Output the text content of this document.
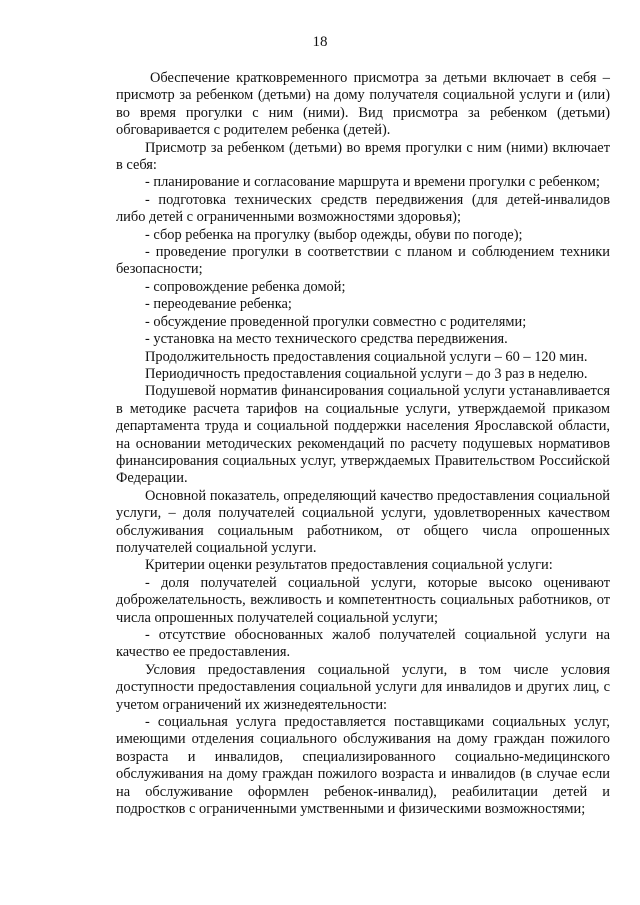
18

Обеспечение кратковременного присмотра за детьми включает в себя – присмотр за ребенком (детьми) на дому получателя социальной услуги и (или) во время прогулки с ним (ними). Вид присмотра за ребенком (детьми) обговаривается с родителем ребенка (детей).

Присмотр за ребенком (детьми) во время прогулки с ним (ними) включает в себя:

- планирование и согласование маршрута и времени прогулки с ребенком;

- подготовка технических средств передвижения (для детей-инвалидов либо детей с ограниченными возможностями здоровья);

- сбор ребенка на прогулку (выбор одежды, обуви по погоде);

- проведение прогулки в соответствии с планом и соблюдением техники безопасности;

- сопровождение ребенка домой;

- переодевание ребенка;

- обсуждение проведенной прогулки совместно с родителями;

- установка на место технического средства передвижения.

Продолжительность предоставления социальной услуги – 60 – 120 мин.

Периодичность предоставления социальной услуги – до 3 раз в неделю.

Подушевой норматив финансирования социальной услуги устанавливается в методике расчета тарифов на социальные услуги, утверждаемой приказом департамента труда и социальной поддержки населения Ярославской области, на основании методических рекомендаций по расчету подушевых нормативов финансирования социальных услуг, утверждаемых Правительством Российской Федерации.

Основной показатель, определяющий качество предоставления социальной услуги, – доля получателей социальной услуги, удовлетворенных качеством обслуживания социальным работником, от общего числа опрошенных получателей социальной услуги.

Критерии оценки результатов предоставления социальной услуги:

- доля получателей социальной услуги, которые высоко оценивают доброжелательность, вежливость и компетентность социальных работников, от числа опрошенных получателей социальной услуги;

- отсутствие обоснованных жалоб получателей социальной услуги на качество ее предоставления.

Условия предоставления социальной услуги, в том числе условия доступности предоставления социальной услуги для инвалидов и других лиц, с учетом ограничений их жизнедеятельности:

- социальная услуга предоставляется поставщиками социальных услуг, имеющими отделения социального обслуживания на дому граждан пожилого возраста и инвалидов, специализированного социально-медицинского обслуживания на дому граждан пожилого возраста и инвалидов (в случае если на обслуживание оформлен ребенок-инвалид), реабилитации детей и подростков с ограниченными умственными и физическими возможностями;
